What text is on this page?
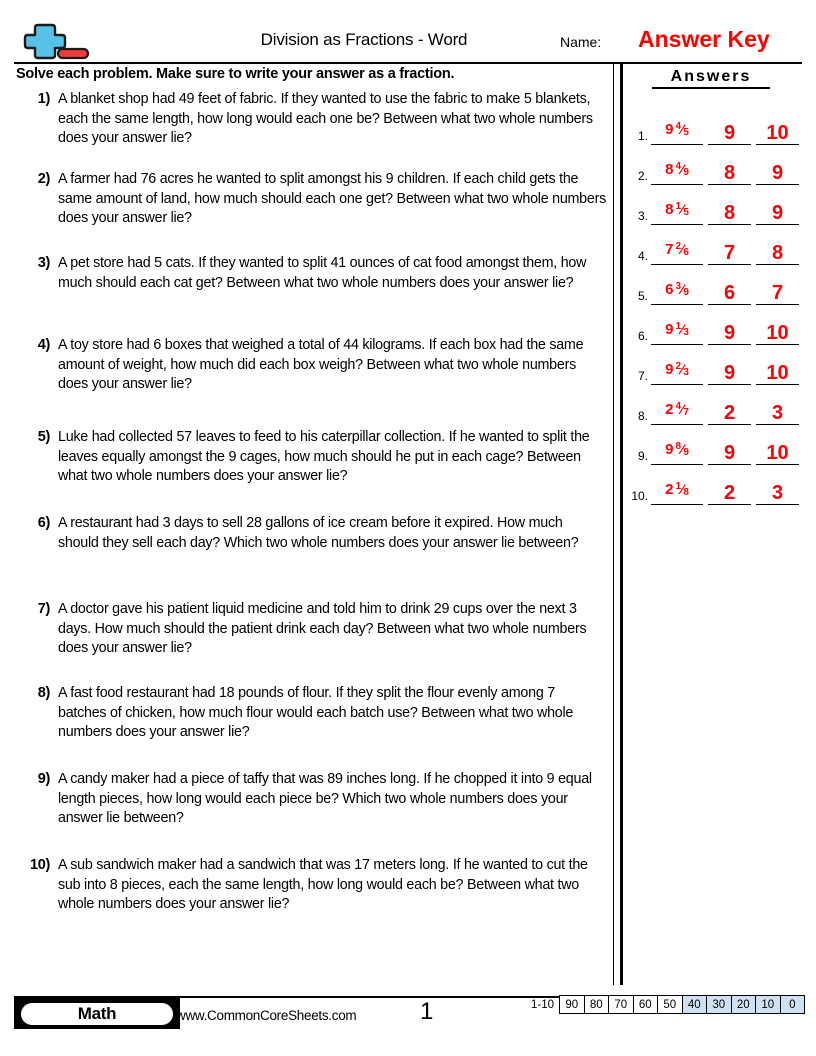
Division as Fractions - Word	Name: Answer Key
Solve each problem. Make sure to write your answer as a fraction.
1) A blanket shop had 49 feet of fabric. If they wanted to use the fabric to make 5 blankets, each the same length, how long would each one be? Between what two whole numbers does your answer lie?
2) A farmer had 76 acres he wanted to split amongst his 9 children. If each child gets the same amount of land, how much should each one get? Between what two whole numbers does your answer lie?
3) A pet store had 5 cats. If they wanted to split 41 ounces of cat food amongst them, how much should each cat get? Between what two whole numbers does your answer lie?
4) A toy store had 6 boxes that weighed a total of 44 kilograms. If each box had the same amount of weight, how much did each box weigh? Between what two whole numbers does your answer lie?
5) Luke had collected 57 leaves to feed to his caterpillar collection. If he wanted to split the leaves equally amongst the 9 cages, how much should he put in each cage? Between what two whole numbers does your answer lie?
6) A restaurant had 3 days to sell 28 gallons of ice cream before it expired. How much should they sell each day? Which two whole numbers does your answer lie between?
7) A doctor gave his patient liquid medicine and told him to drink 29 cups over the next 3 days. How much should the patient drink each day? Between what two whole numbers does your answer lie?
8) A fast food restaurant had 18 pounds of flour. If they split the flour evenly among 7 batches of chicken, how much flour would each batch use? Between what two whole numbers does your answer lie?
9) A candy maker had a piece of taffy that was 89 inches long. If he chopped it into 9 equal length pieces, how long would each piece be? Which two whole numbers does your answer lie between?
10) A sub sandwich maker had a sandwich that was 17 meters long. If he wanted to cut the sub into 8 pieces, each the same length, how long would each be? Between what two whole numbers does your answer lie?
Answers
1.	9 $^4⁄_5$	9	10
2.	8 $^4⁄_9$	8	9
3.	8 $^1⁄_5$	8	9
4.	7 $^2⁄_6$	7	8
5.	6 $^3⁄_9$	6	7
6.	9 $^1⁄_3$	9	10
7.	9 $^2⁄_3$	9	10
8.	2 $^4⁄_7$	2	3
9.	9 $^8⁄_9$	9	10
10.	2 $^1⁄_8$	2	3
Math	www.CommonCoreSheets.com	1	1-10 90	80	70	60	50	40	30	20	10	0
